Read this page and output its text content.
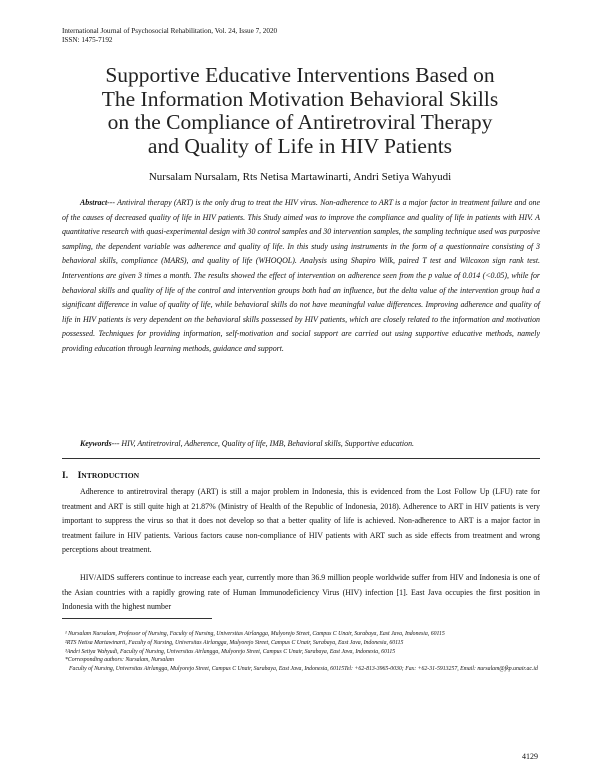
International Journal of Psychosocial Rehabilitation, Vol. 24, Issue 7, 2020
ISSN: 1475-7192
Supportive Educative Interventions Based on
The Information Motivation Behavioral Skills
on the Compliance of Antiretroviral Therapy
and Quality of Life in HIV Patients
Nursalam Nursalam, Rts Netisa Martawinarti, Andri Setiya Wahyudi
Abstract--- Antiviral therapy (ART) is the only drug to treat the HIV virus. Non-adherence to ART is a major factor in treatment failure and one of the causes of decreased quality of life in HIV patients. This Study aimed was to improve the compliance and quality of life in patients with HIV. A quantitative research with quasi-experimental design with 30 control samples and 30 intervention samples, the sampling technique used was purposive sampling, the dependent variable was adherence and quality of life. In this study using instruments in the form of a questionnaire consisting of 3 behavioral skills, compliance (MARS), and quality of life (WHOQOL). Analysis using Shapiro Wilk, paired T test and Wilcoxon sign rank test. Interventions are given 3 times a month. The results showed the effect of intervention on adherence seen from the p value of 0.014 (<0.05), while for behavioral skills and quality of life of the control and intervention groups both had an influence, but the delta value of the intervention group had a significant difference in value of quality of life, while behavioral skills do not have meaningful value differences. Improving adherence and quality of life in HIV patients is very dependent on the behavioral skills possessed by HIV patients, which are closely related to the information and motivation possessed. Techniques for providing information, self-motivation and social support are carried out using supportive educative methods, namely providing education through learning methods, guidance and support.
Keywords--- HIV, Antiretroviral, Adherence, Quality of life, IMB, Behavioral skills, Supportive education.
I. INTRODUCTION
Adherence to antiretroviral therapy (ART) is still a major problem in Indonesia, this is evidenced from the Lost Follow Up (LFU) rate for treatment and ART is still quite high at 21.87% (Ministry of Health of the Republic of Indonesia, 2018). Adherence to ART in HIV patients is very important to suppress the virus so that it does not develop so that a better quality of life is achieved. Non-adherence to ART is a major factor in treatment failure in HIV patients. Various factors cause non-compliance of HIV patients with ART such as side effects from treatment and wrong perceptions about treatment.
HIV/AIDS sufferers continue to increase each year, currently more than 36.9 million people worldwide suffer from HIV and Indonesia is one of the Asian countries with a rapidly growing rate of Human Immunodeficiency Virus (HIV) infection [1]. East Java occupies the first position in Indonesia with the highest number

¹ Nursalam Nursalam, Professor of Nursing, Faculty of Nursing, Universitas Airlangga, Mulyorejo Street, Campus C Unair, Surabaya, East Java, Indonesia, 60115

²RTS Netisa Martawinarti, Faculty of Nursing, Universitas Airlangga, Mulyorejo Street, Campus C Unair, Surabaya, East Java, Indonesia, 60115

³Andri Setiya Wahyudi, Faculty of Nursing, Universitas Airlangga, Mulyorejo Street, Campus C Unair, Surabaya, East Java, Indonesia, 60115

*Corresponding authors: Nursalam, Nursalam

Faculty of Nursing, Universitas Airlangga, Mulyorejo Street, Campus C Unair, Surabaya, East Java, Indonesia, 60115Tel: +62-813-3965-0030; Fax: +62-31-5913257, Email: nursalam@fkp.unair.ac.id

4129
